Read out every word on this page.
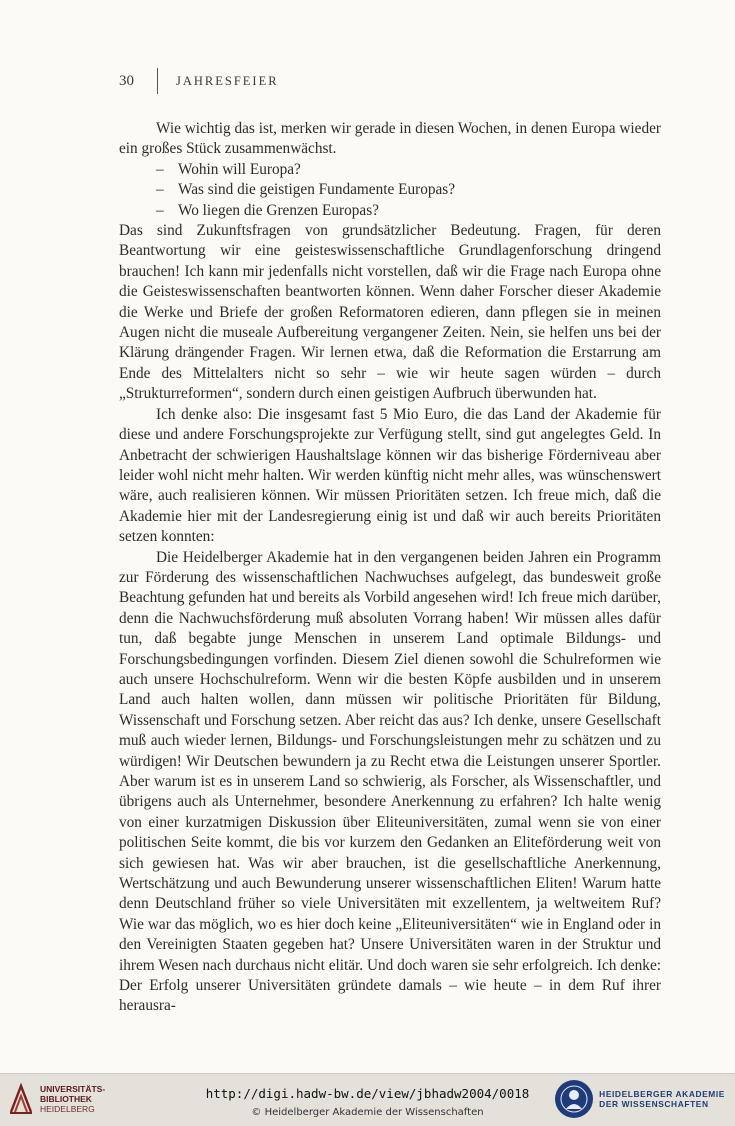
30	JAHRESFEIER

Wie wichtig das ist, merken wir gerade in diesen Wochen, in denen Europa wieder ein großes Stück zusammenwächst.

– Wohin will Europa?
– Was sind die geistigen Fundamente Europas?
– Wo liegen die Grenzen Europas?

Das sind Zukunftsfragen von grundsätzlicher Bedeutung. Fragen, für deren Beantwortung wir eine geisteswissenschaftliche Grundlagenforschung dringend brauchen! Ich kann mir jedenfalls nicht vorstellen, daß wir die Frage nach Europa ohne die Geisteswissenschaften beantworten können. Wenn daher Forscher dieser Akademie die Werke und Briefe der großen Reformatoren edieren, dann pflegen sie in meinen Augen nicht die museale Aufbereitung vergangener Zeiten. Nein, sie helfen uns bei der Klärung drängender Fragen. Wir lernen etwa, daß die Reformation die Erstarrung am Ende des Mittelalters nicht so sehr – wie wir heute sagen würden – durch „Strukturreformen“, sondern durch einen geistigen Aufbruch überwunden hat.

Ich denke also: Die insgesamt fast 5 Mio Euro, die das Land der Akademie für diese und andere Forschungsprojekte zur Verfügung stellt, sind gut angelegtes Geld. In Anbetracht der schwierigen Haushaltslage können wir das bisherige Förderniveau aber leider wohl nicht mehr halten. Wir werden künftig nicht mehr alles, was wünschenswert wäre, auch realisieren können. Wir müssen Prioritäten setzen. Ich freue mich, daß die Akademie hier mit der Landesregierung einig ist und daß wir auch bereits Prioritäten setzen konnten:

Die Heidelberger Akademie hat in den vergangenen beiden Jahren ein Programm zur Förderung des wissenschaftlichen Nachwuchses aufgelegt, das bundesweit große Beachtung gefunden hat und bereits als Vorbild angesehen wird! Ich freue mich darüber, denn die Nachwuchsförderung muß absoluten Vorrang haben! Wir müssen alles dafür tun, daß begabte junge Menschen in unserem Land optimale Bildungs- und Forschungsbedingungen vorfinden. Diesem Ziel dienen sowohl die Schulreformen wie auch unsere Hochschulreform. Wenn wir die besten Köpfe ausbilden und in unserem Land auch halten wollen, dann müssen wir politische Prioritäten für Bildung, Wissenschaft und Forschung setzen. Aber reicht das aus? Ich denke, unsere Gesellschaft muß auch wieder lernen, Bildungs- und Forschungsleistungen mehr zu schätzen und zu würdigen! Wir Deutschen bewundern ja zu Recht etwa die Leistungen unserer Sportler. Aber warum ist es in unserem Land so schwierig, als Forscher, als Wissenschaftler, und übrigens auch als Unternehmer, besondere Anerkennung zu erfahren? Ich halte wenig von einer kurzatmigen Diskussion über Eliteuniversitäten, zumal wenn sie von einer politischen Seite kommt, die bis vor kurzem den Gedanken an Eliteförderung weit von sich gewiesen hat. Was wir aber brauchen, ist die gesellschaftliche Anerkennung, Wertschätzung und auch Bewunderung unserer wissenschaftlichen Eliten! Warum hatte denn Deutschland früher so viele Universitäten mit exzellentem, ja weltweitem Ruf? Wie war das möglich, wo es hier doch keine „Eliteuniversitäten“ wie in England oder in den Vereinigten Staaten gegeben hat? Unsere Universitäten waren in der Struktur und ihrem Wesen nach durchaus nicht elitär. Und doch waren sie sehr erfolgreich. Ich denke: Der Erfolg unserer Universitäten gründete damals – wie heute – in dem Ruf ihrer herausra-

UNIVERSITÄTS-
BIBLIOTHEK
HEIDELBERG
http://digi.hadw-bw.de/view/jbhadw2004/0018
© Heidelberger Akademie der Wissenschaften
HEIDELBERGER AKADEMIE
DER WISSENSCHAFTEN
